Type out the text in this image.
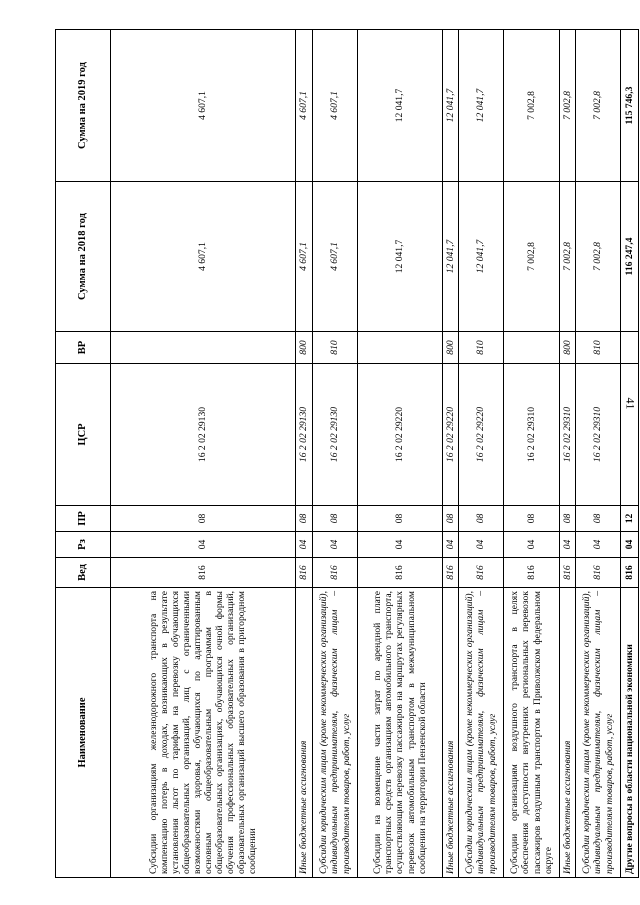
41
Наименование	Вед	Рз	ПР	ЦСР	ВР	Сумма на 2018 год	Сумма на 2019 год
Субсидии организациям железнодорожного транспорта на компенсацию потерь в доходах, возникающих в результате установления льгот по тарифам на перевозку обучающихся общеобразовательных организаций, лиц с ограниченными возможностями здоровья, обучающихся по адаптированным основным общеобразовательным программам в общеобразовательных организациях, обучающихся очной формы обучения профессиональных образовательных организаций, образовательных организаций высшего образования в пригородном сообщении	816	04	08	16 2 02 29130		4 607,1	4 607,1
Иные бюджетные ассигнования	816	04	08	16 2 02 29130	800	4 607,1	4 607,1
Субсидии юридическим лицам (кроме некоммерческих организаций), индивидуальным предпринимателям, физическим лицам – производителям товаров, работ, услуг	816	04	08	16 2 02 29130	810	4 607,1	4 607,1
Субсидии на возмещение части затрат по арендной плате транспортных средств организациям автомобильного транспорта, осуществляющим перевозку пассажиров на маршрутах регулярных перевозок автомобильным транспортом в межмуниципальном сообщении на территории Пензенской области	816	04	08	16 2 02 29220		12 041,7	12 041,7
Иные бюджетные ассигнования	816	04	08	16 2 02 29220	800	12 041,7	12 041,7
Субсидии юридическим лицам (кроме некоммерческих организаций), индивидуальным предпринимателям, физическим лицам – производителям товаров, работ, услуг	816	04	08	16 2 02 29220	810	12 041,7	12 041,7
Субсидии организациям воздушного транспорта в целях обеспечения доступности внутренних региональных перевозок пассажиров воздушным транспортом в Приволжском федеральном округе	816	04	08	16 2 02 29310		7 002,8	7 002,8
Иные бюджетные ассигнования	816	04	08	16 2 02 29310	800	7 002,8	7 002,8
Субсидии юридическим лицам (кроме некоммерческих организаций), индивидуальным предпринимателям, физическим лицам – производителям товаров, работ, услуг	816	04	08	16 2 02 29310	810	7 002,8	7 002,8
Другие вопросы в области национальной экономики	816	04	12			116 247,4	115 746,3
